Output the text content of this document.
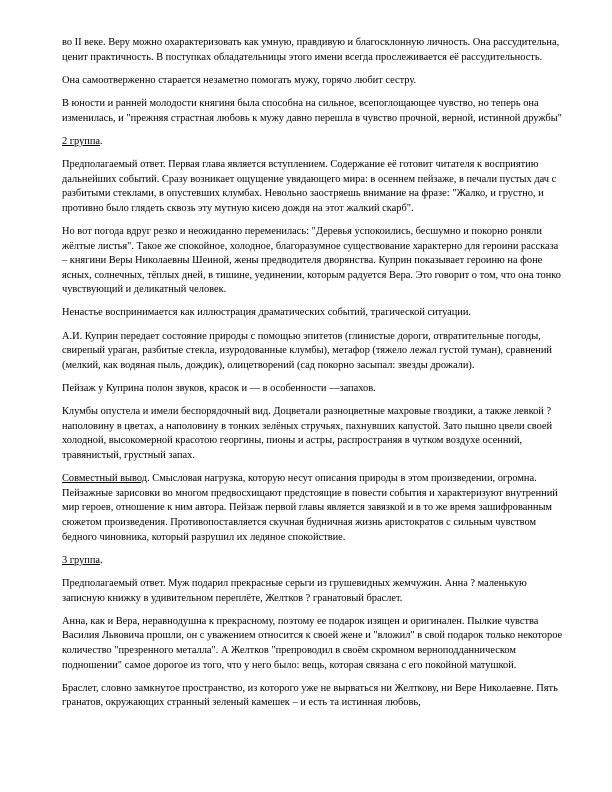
во II веке. Веру можно охарактеризовать как умную, правдивую и благосклонную личность. Она рассудительна, ценит практичность. В поступках обладательницы этого имени всегда прослеживается её рассудительность.

Она самоотверженно старается незаметно помогать мужу, горячо любит сестру.

В юности и ранней молодости княгиня была способна на сильное, всепоглощающее чувство, но теперь она изменилась, и "прежняя страстная любовь к мужу давно перешла в чувство прочной, верной, истинной дружбы"

2 группа.

Предполагаемый ответ. Первая глава является вступлением. Содержание её готовит читателя к восприятию дальнейших событий. Сразу возникает ощущение увядающего мира: в осеннем пейзаже, в печали пустых дач с разбитыми стеклами, в опустевших клумбах. Невольно заостряешь внимание на фразе: "Жалко, и грустно, и противно было глядеть сквозь эту мутную кисею дождя на этот жалкий скарб".

Но вот погода вдруг резко и неожиданно переменилась: "Деревья успокоились, бесшумно и покорно роняли жёлтые листья". Такое же спокойное, холодное, благоразумное существование характерно для героини рассказа – княгини Веры Николаевны Шеиной, жены предводителя дворянства. Куприн показывает героиню на фоне ясных, солнечных, тёплых дней, в тишине, уединении, которым радуется Вера. Это говорит о том, что она тонко чувствующий и деликатный человек.

Ненастье воспринимается как иллюстрация драматических событий, трагической ситуации.

А.И. Куприн передает состояние природы с помощью эпитетов (глинистые дороги, отвратительные погоды, свирепый ураган, разбитые стекла, изуродованные клумбы), метафор (тяжело лежал густой туман), сравнений (мелкий, как водяная пыль, дождик), олицетворений (сад покорно засыпал: звезды дрожали).

Пейзаж у Куприна полон звуков, красок и — в особенности —запахов.

Клумбы опустела и имели беспорядочный вид. Доцветали разноцветные махровые гвоздики, а также левкой ? наполовину в цветах, а наполовину в тонких зелёных стручьях, пахнувших капустой. Зато пышно цвели своей холодной, высокомерной красотою георгины, пионы и астры, распространяя в чутком воздухе осенний, травянистый, грустный запах.

Совместный вывод. Смысловая нагрузка, которую несут описания природы в этом произведении, огромна. Пейзажные зарисовки во многом предвосхищают предстоящие в повести события и характеризуют внутренний мир героев, отношение к ним автора. Пейзаж первой главы является завязкой и в то же время зашифрованным сюжетом произведения. Противопоставляется скучная будничная жизнь аристократов с сильным чувством бедного чиновника, который разрушил их ледяное спокойствие.

3 группа.

Предполагаемый ответ. Муж подарил прекрасные серьги из грушевидных жемчужин. Анна ? маленькую записную книжку в удивительном переплёте, Желтков ? гранатовый браслет.

Анна, как и Вера, неравнодушна к прекрасному, поэтому ее подарок изящен и оригинален. Пылкие чувства Василия Львовича прошли, он с уважением относится к своей жене и "вложил" в свой подарок только некоторое количество "презренного металла". А Желтков "препроводил в своём скромном верноподданническом подношении" самое дорогое из того, что у него было: вещь, которая связана с его покойной матушкой.

Браслет, словно замкнутое пространство, из которого уже не вырваться ни Желткову, ни Вере Николаевне. Пять гранатов, окружающих странный зеленый камешек – и есть та истинная любовь,
